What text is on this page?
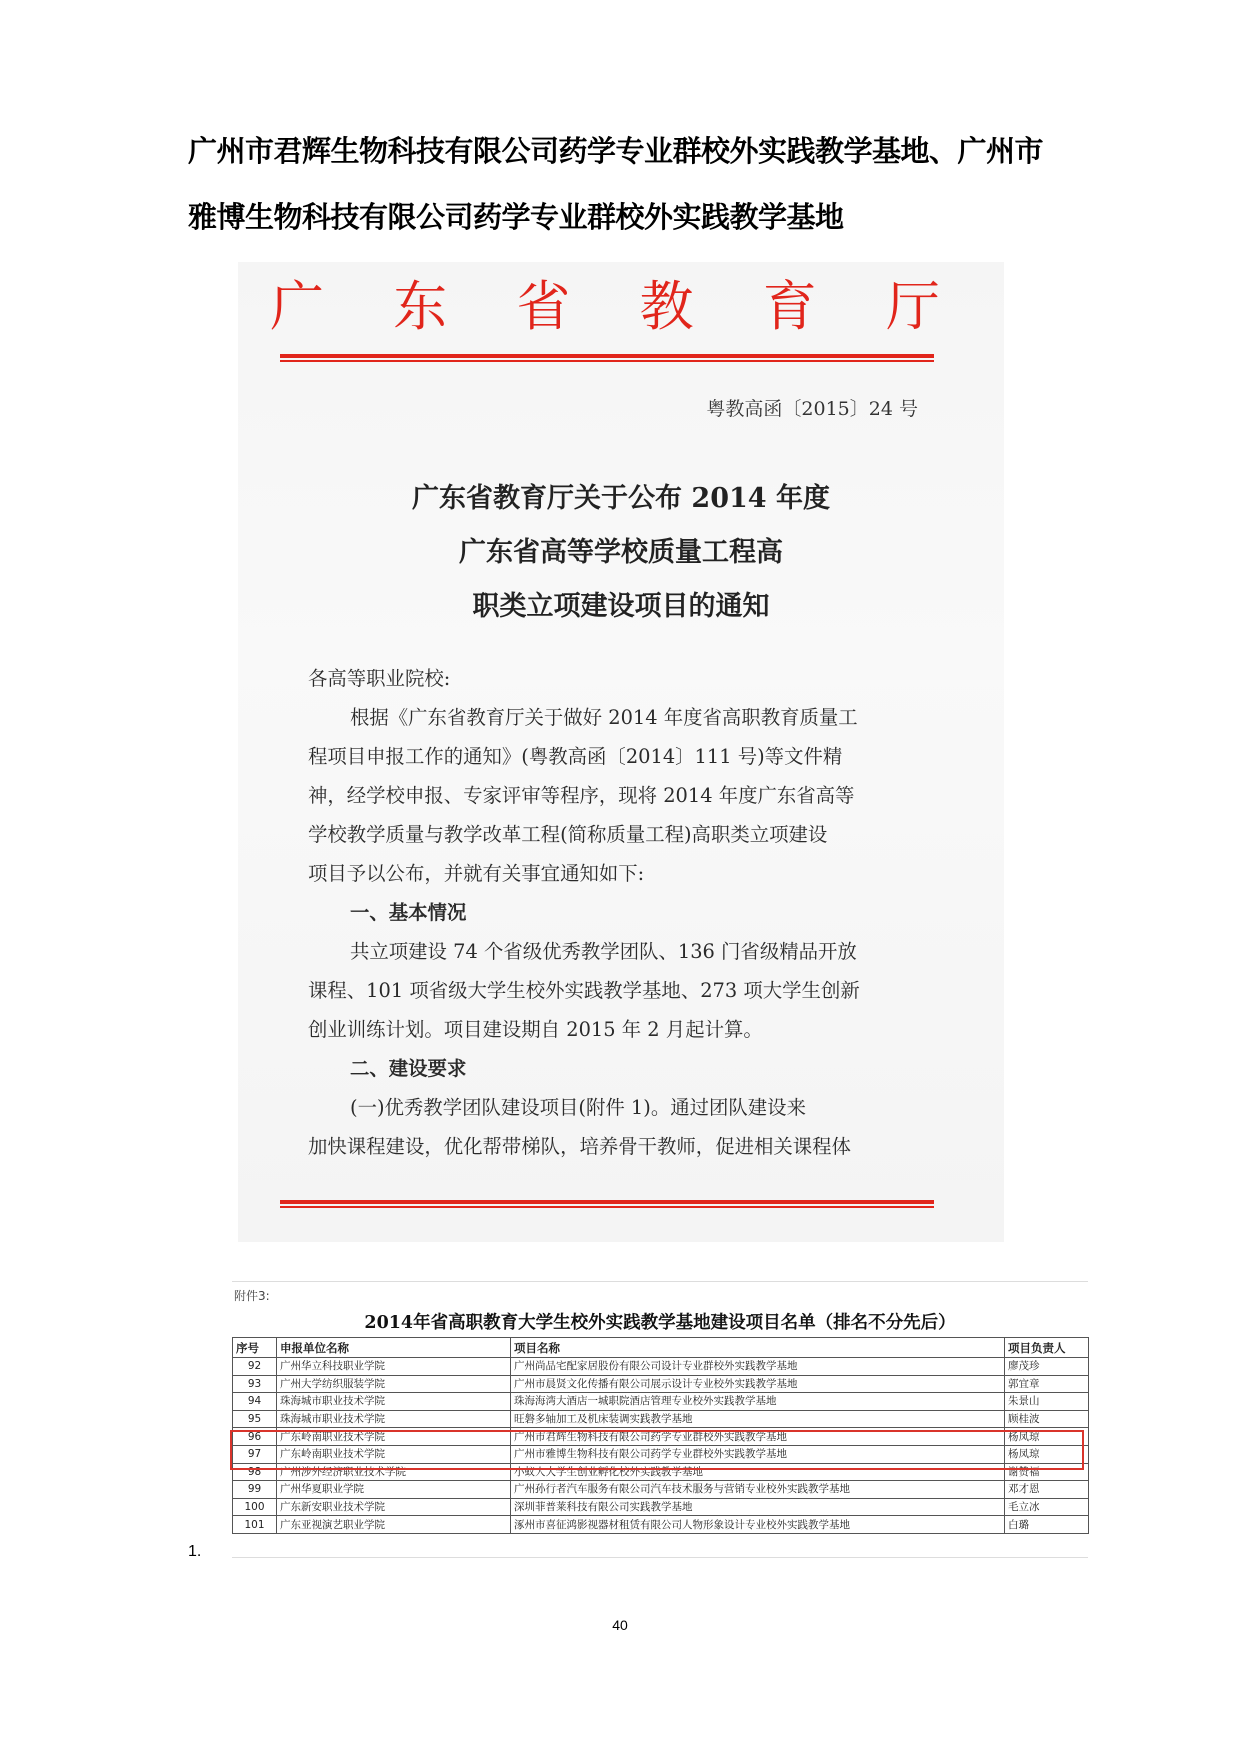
广州市君辉生物科技有限公司药学专业群校外实践教学基地、广州市
雅博生物科技有限公司药学专业群校外实践教学基地
广 东 省 教 育 厅
粤教高函〔2015〕24 号
广东省教育厅关于公布 2014 年度
广东省高等学校质量工程高
职类立项建设项目的通知

各高等职业院校:

根据《广东省教育厅关于做好 2014 年度省高职教育质量工

程项目申报工作的通知》(粤教高函〔2014〕111 号)等文件精

神，经学校申报、专家评审等程序，现将 2014 年度广东省高等

学校教学质量与教学改革工程(简称质量工程)高职类立项建设

项目予以公布，并就有关事宜通知如下:

一、基本情况

共立项建设 74 个省级优秀教学团队、136 门省级精品开放

课程、101 项省级大学生校外实践教学基地、273 项大学生创新

创业训练计划。项目建设期自 2015 年 2 月起计算。

二、建设要求

(一)优秀教学团队建设项目(附件 1)。通过团队建设来

加快课程建设，优化帮带梯队，培养骨干教师，促进相关课程体

附件3:
2014年省高职教育大学生校外实践教学基地建设项目名单（排名不分先后）
序号	申报单位名称	项目名称	项目负责人
92	广州华立科技职业学院	广州尚品宅配家居股份有限公司设计专业群校外实践教学基地	廖茂珍
93	广州大学纺织服装学院	广州市晨贤文化传播有限公司展示设计专业校外实践教学基地	郭宜章
94	珠海城市职业技术学院	珠海海湾大酒店一城职院酒店管理专业校外实践教学基地	朱景山
95	珠海城市职业技术学院	旺磐多轴加工及机床装调实践教学基地	顾桂波
96	广东岭南职业技术学院	广州市君辉生物科技有限公司药学专业群校外实践教学基地	杨凤琼
97	广东岭南职业技术学院	广州市雅博生物科技有限公司药学专业群校外实践教学基地	杨凤琼
98	广州涉外经济职业技术学院	小蚁人大学生创业孵化校外实践教学基地	谢赞福
99	广州华夏职业学院	广州孙行者汽车服务有限公司汽车技术服务与营销专业校外实践教学基地	邓才恩
100	广东新安职业技术学院	深圳菲普莱科技有限公司实践教学基地	毛立冰
101	广东亚视演艺职业学院	涿州市喜征鸿影视器材租赁有限公司人物形象设计专业校外实践教学基地	白璐
1.
40
